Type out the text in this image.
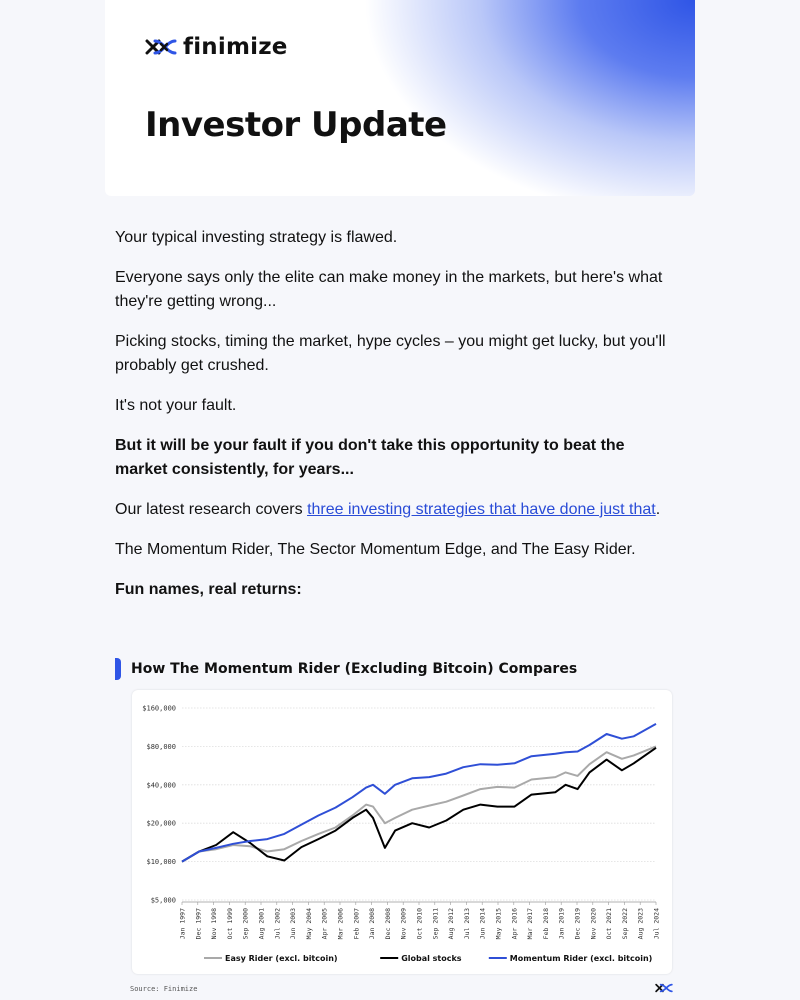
finimize
Investor Update

Your typical investing strategy is flawed.

Everyone says only the elite can make money in the markets, but here's what they're getting wrong...

Picking stocks, timing the market, hype cycles – you might get lucky, but you'll probably get crushed.

It's not your fault.

But it will be your fault if you don't take this opportunity to beat the market consistently, for years...

Our latest research covers three investing strategies that have done just that.

The Momentum Rider, The Sector Momentum Edge, and The Easy Rider.

Fun names, real returns:

How The Momentum Rider (Excluding Bitcoin) Compares
$160,000
$80,000
$40,000
$20,000
$10,000
$5,000
Jan 1997 Dec 1997 Nov 1998 Oct 1999 Sep 2000 Aug 2001 Jul 2002 Jun 2003 May 2004 Apr 2005 Mar 2006 Feb 2007 Jan 2008 Dec 2008 Nov 2009 Oct 2010 Sep 2011 Aug 2012 Jul 2013 Jun 2014 May 2015 Apr 2016 Mar 2017 Feb 2018 Jan 2019 Dec 2019 Nov 2020 Oct 2021 Sep 2022 Aug 2023 Jul 2024
Easy Rider (excl. bitcoin)	Global stocks	Momentum Rider (excl. bitcoin)
Source: Finimize
